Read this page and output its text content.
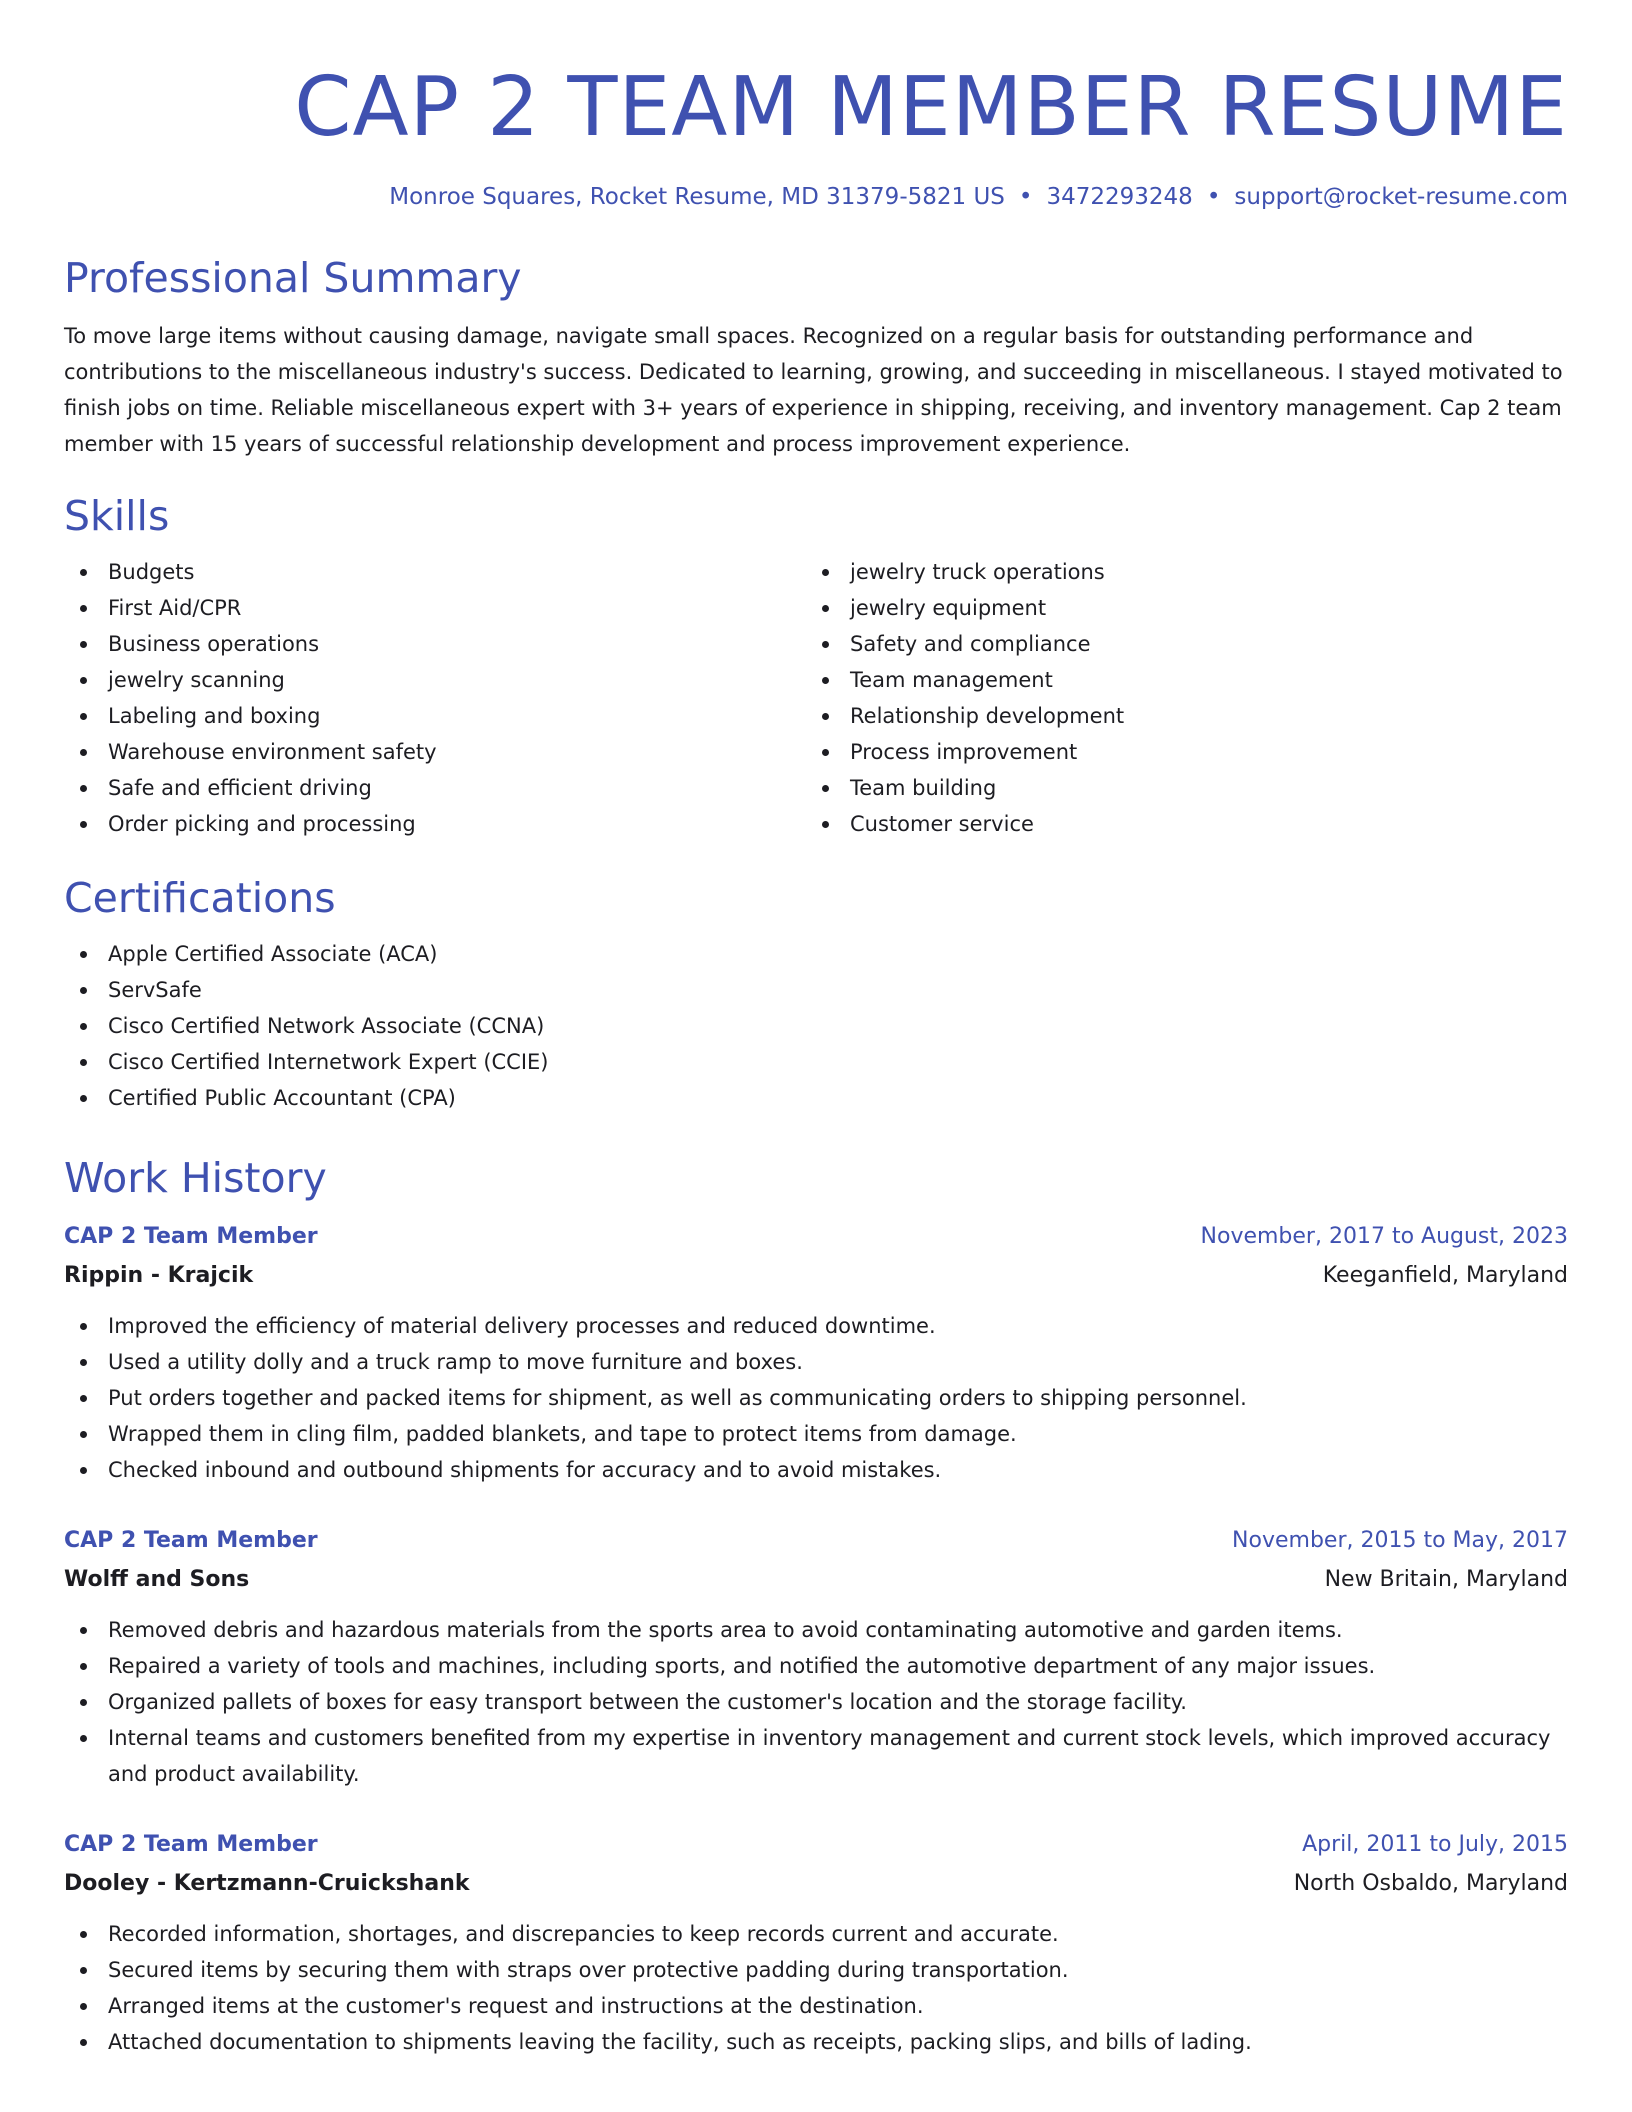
CAP 2 TEAM MEMBER RESUME
Monroe Squares, Rocket Resume, MD 31379-5821 US • 3472293248 • support@rocket-resume.com
Professional Summary
To move large items without causing damage, navigate small spaces. Recognized on a regular basis for outstanding performance and contributions to the miscellaneous industry's success. Dedicated to learning, growing, and succeeding in miscellaneous. I stayed motivated to finish jobs on time. Reliable miscellaneous expert with 3+ years of experience in shipping, receiving, and inventory management. Cap 2 team member with 15 years of successful relationship development and process improvement experience.
Skills
Budgets
First Aid/CPR
Business operations
jewelry scanning
Labeling and boxing
Warehouse environment safety
Safe and efficient driving
Order picking and processing
jewelry truck operations
jewelry equipment
Safety and compliance
Team management
Relationship development
Process improvement
Team building
Customer service
Certifications
Apple Certified Associate (ACA)
ServSafe
Cisco Certified Network Associate (CCNA)
Cisco Certified Internetwork Expert (CCIE)
Certified Public Accountant (CPA)
Work History
CAP 2 Team Member	November, 2017 to August, 2023
Rippin - Krajcik	Keeganfield, Maryland
Improved the efficiency of material delivery processes and reduced downtime.
Used a utility dolly and a truck ramp to move furniture and boxes.
Put orders together and packed items for shipment, as well as communicating orders to shipping personnel.
Wrapped them in cling film, padded blankets, and tape to protect items from damage.
Checked inbound and outbound shipments for accuracy and to avoid mistakes.
CAP 2 Team Member	November, 2015 to May, 2017
Wolff and Sons	New Britain, Maryland
Removed debris and hazardous materials from the sports area to avoid contaminating automotive and garden items.
Repaired a variety of tools and machines, including sports, and notified the automotive department of any major issues.
Organized pallets of boxes for easy transport between the customer's location and the storage facility.
Internal teams and customers benefited from my expertise in inventory management and current stock levels, which improved accuracy and product availability.
CAP 2 Team Member	April, 2011 to July, 2015
Dooley - Kertzmann-Cruickshank	North Osbaldo, Maryland
Recorded information, shortages, and discrepancies to keep records current and accurate.
Secured items by securing them with straps over protective padding during transportation.
Arranged items at the customer's request and instructions at the destination.
Attached documentation to shipments leaving the facility, such as receipts, packing slips, and bills of lading.
